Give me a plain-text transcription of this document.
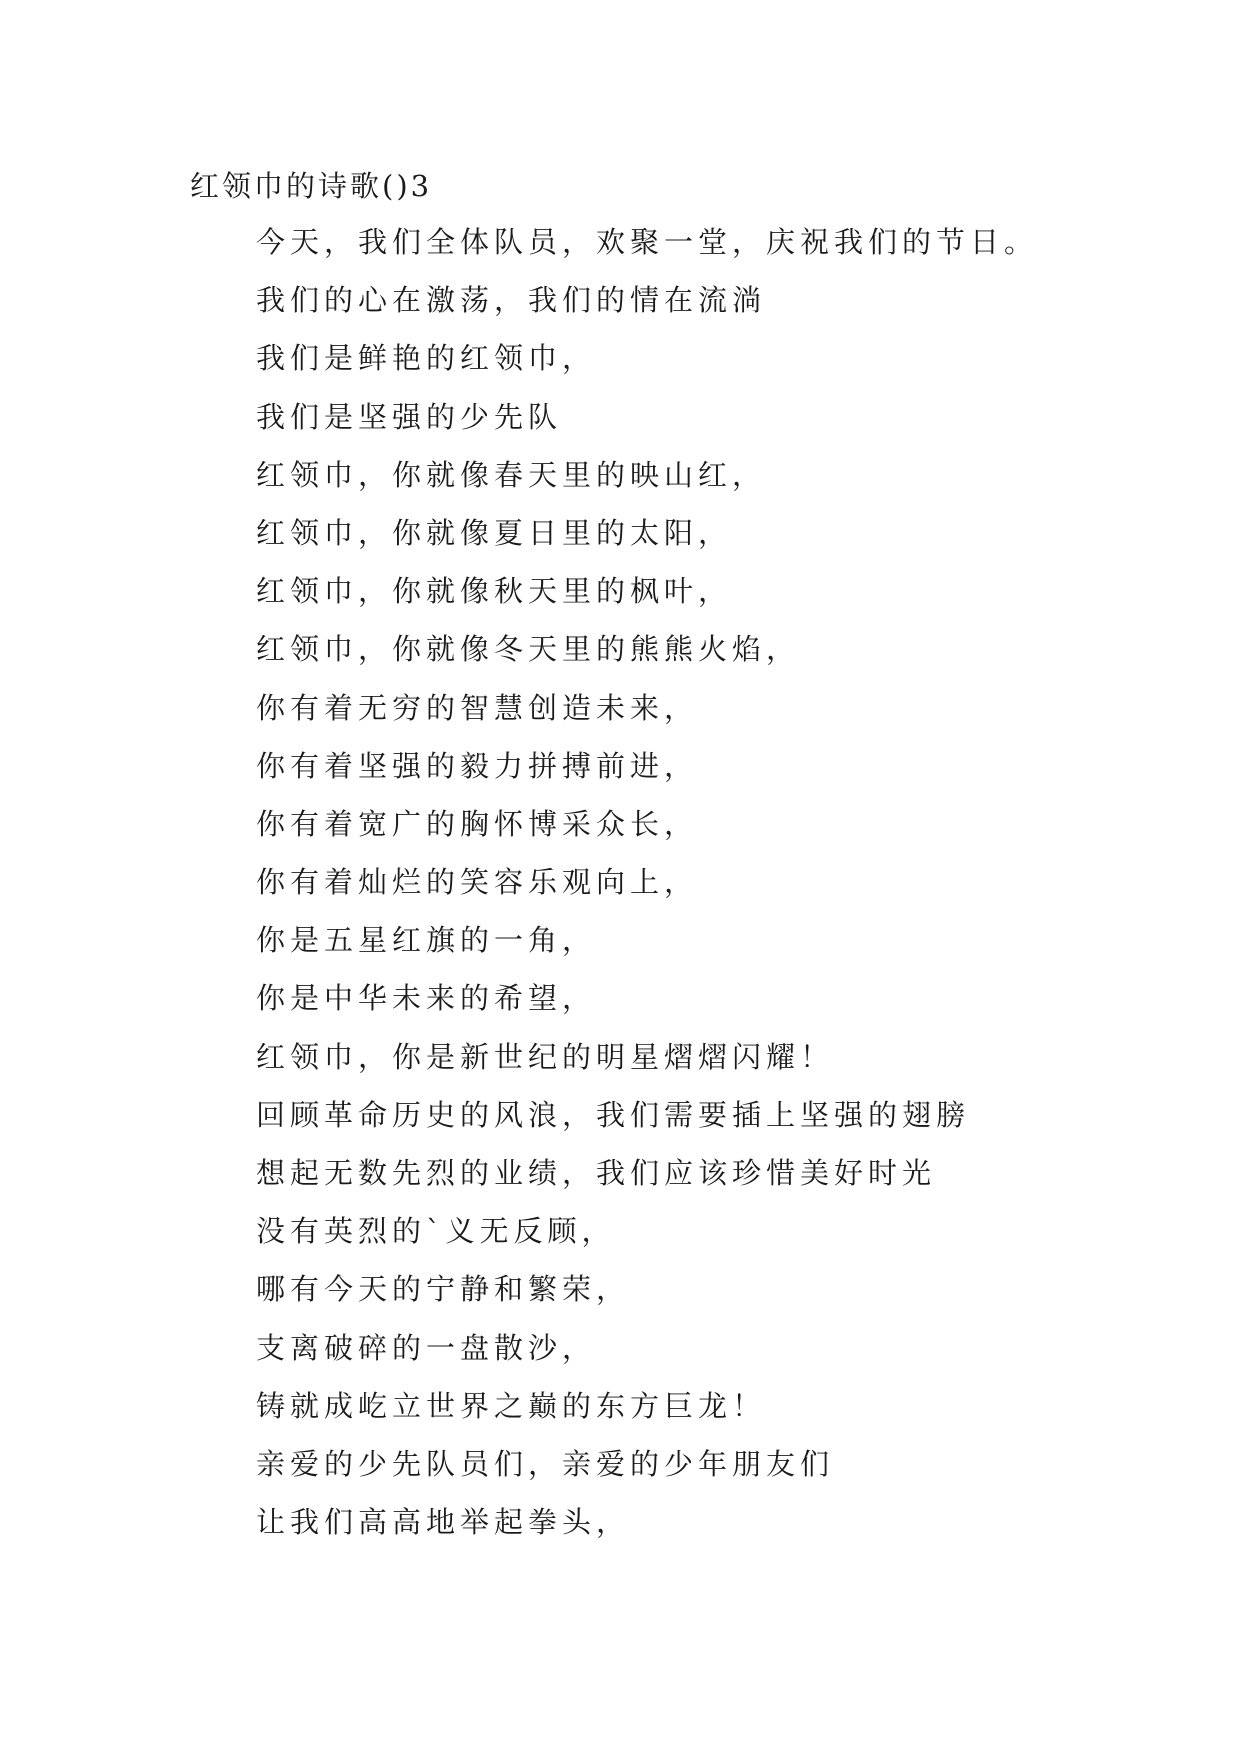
红领巾的诗歌()3
今天，我们全体队员，欢聚一堂，庆祝我们的节日。
我们的心在激荡，我们的情在流淌
我们是鲜艳的红领巾，
我们是坚强的少先队
红领巾，你就像春天里的映山红，
红领巾，你就像夏日里的太阳，
红领巾，你就像秋天里的枫叶，
红领巾，你就像冬天里的熊熊火焰，
你有着无穷的智慧创造未来，
你有着坚强的毅力拼搏前进，
你有着宽广的胸怀博采众长，
你有着灿烂的笑容乐观向上，
你是五星红旗的一角，
你是中华未来的希望，
红领巾，你是新世纪的明星熠熠闪耀！
回顾革命历史的风浪，我们需要插上坚强的翅膀
想起无数先烈的业绩，我们应该珍惜美好时光
没有英烈的`义无反顾，
哪有今天的宁静和繁荣，
支离破碎的一盘散沙，
铸就成屹立世界之巅的东方巨龙！
亲爱的少先队员们，亲爱的少年朋友们
让我们高高地举起拳头，
